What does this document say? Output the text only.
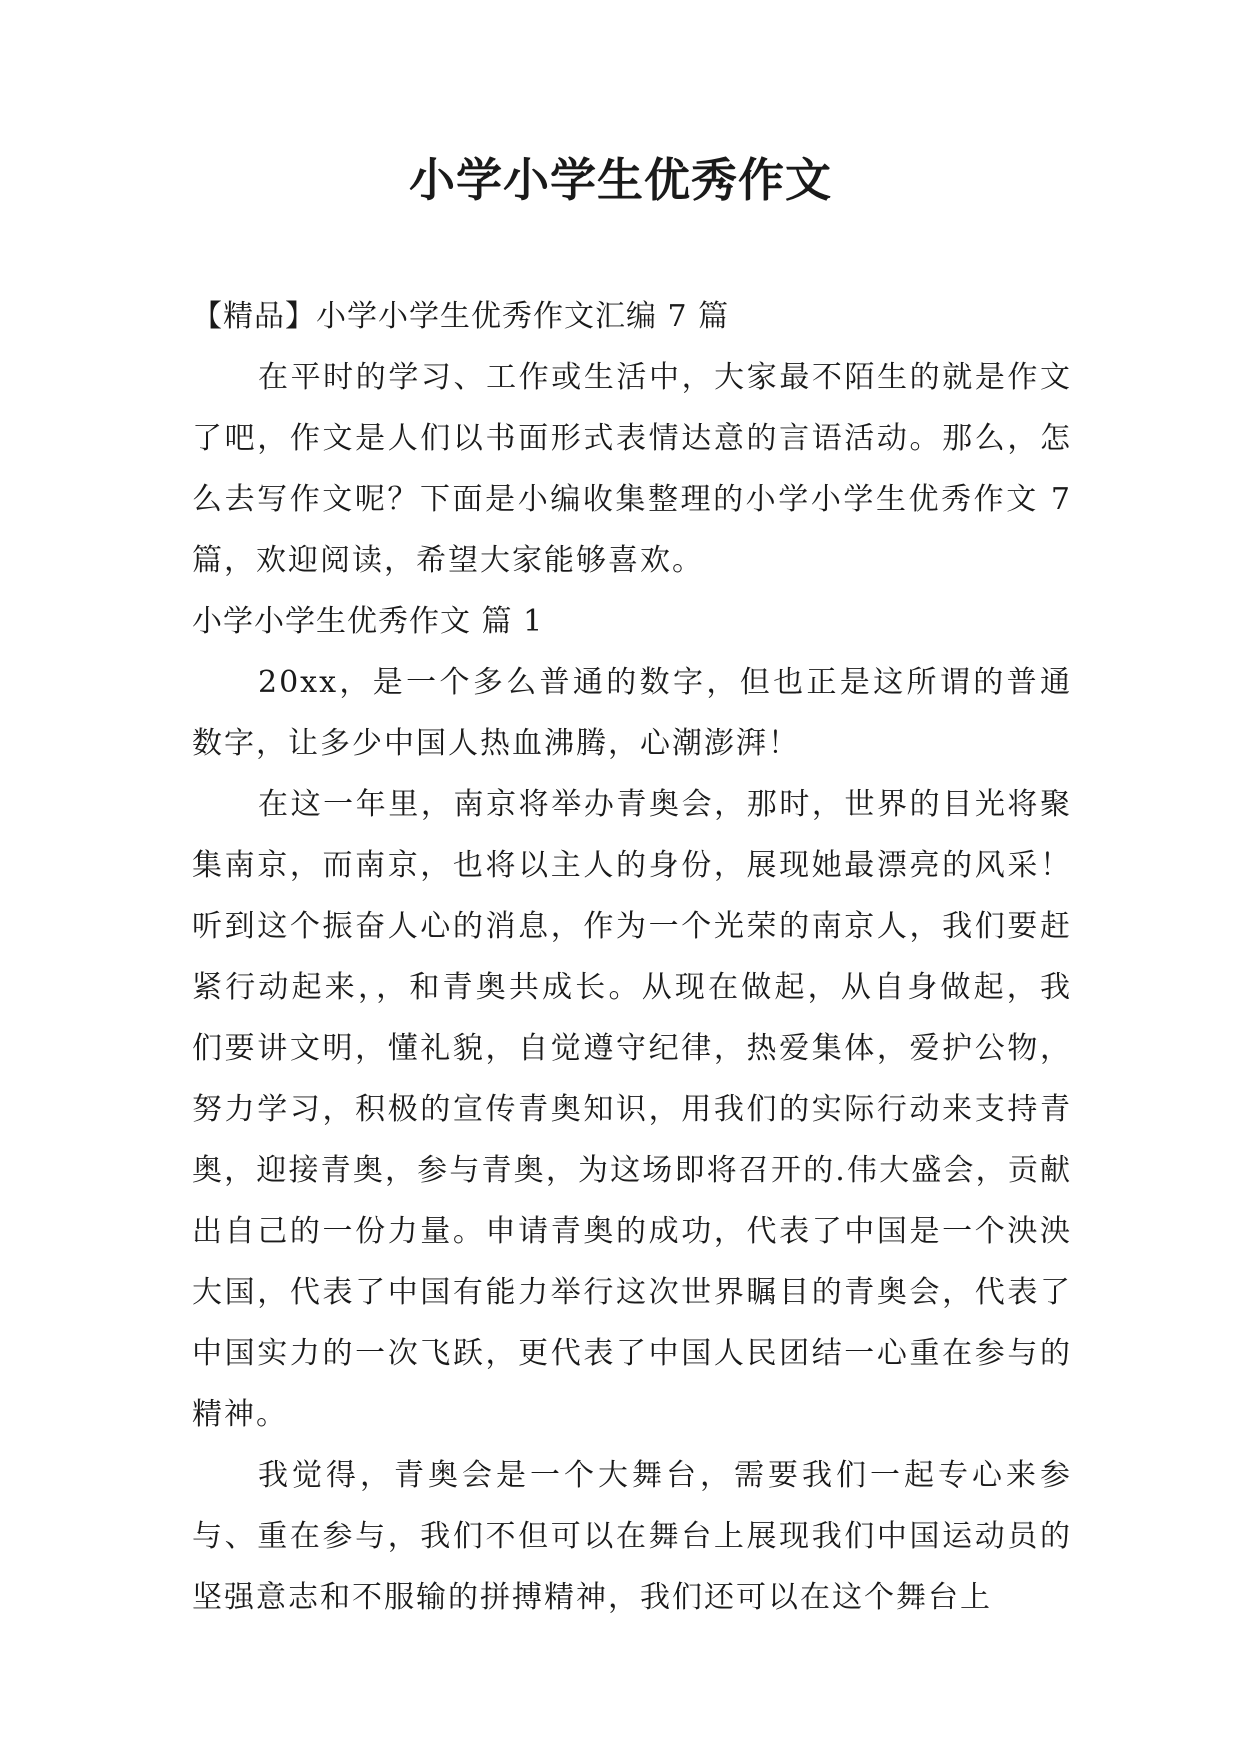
小学小学生优秀作文

【精品】小学小学生优秀作文汇编 7 篇

在平时的学习、工作或生活中，大家最不陌生的就是作文了吧，作文是人们以书面形式表情达意的言语活动。那么，怎么去写作文呢？下面是小编收集整理的小学小学生优秀作文 7 篇，欢迎阅读，希望大家能够喜欢。

小学小学生优秀作文 篇 1

20xx，是一个多么普通的数字，但也正是这所谓的普通数字，让多少中国人热血沸腾，心潮澎湃！

在这一年里，南京将举办青奥会，那时，世界的目光将聚集南京，而南京，也将以主人的身份，展现她最漂亮的风采！听到这个振奋人心的消息，作为一个光荣的南京人，我们要赶紧行动起来，，和青奥共成长。从现在做起，从自身做起，我们要讲文明，懂礼貌，自觉遵守纪律，热爱集体，爱护公物，努力学习，积极的宣传青奥知识，用我们的实际行动来支持青奥，迎接青奥，参与青奥，为这场即将召开的.伟大盛会，贡献出自己的一份力量。申请青奥的成功，代表了中国是一个泱泱大国，代表了中国有能力举行这次世界瞩目的青奥会，代表了中国实力的一次飞跃，更代表了中国人民团结一心重在参与的精神。

我觉得，青奥会是一个大舞台，需要我们一起专心来参与、重在参与，我们不但可以在舞台上展现我们中国运动员的坚强意志和不服输的拼搏精神，我们还可以在这个舞台上
